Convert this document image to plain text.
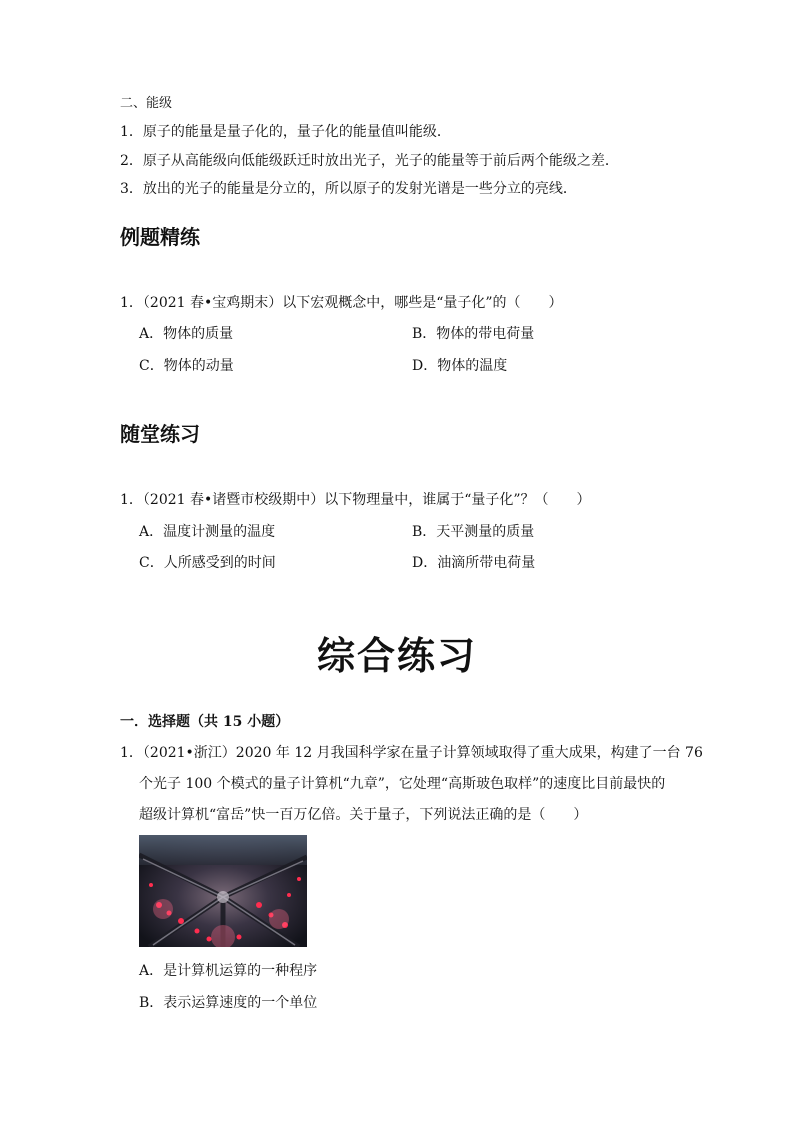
二、能级
1．原子的能量是量子化的，量子化的能量值叫能级．
2．原子从高能级向低能级跃迁时放出光子，光子的能量等于前后两个能级之差．
3．放出的光子的能量是分立的，所以原子的发射光谱是一些分立的亮线．
例题精练
1．（2021 春•宝鸡期末）以下宏观概念中，哪些是“量子化”的（　　）
A．物体的质量	B．物体的带电荷量
C．物体的动量	D．物体的温度
随堂练习
1．（2021 春•诸暨市校级期中）以下物理量中，谁属于“量子化”？（　　）
A．温度计测量的温度	B．天平测量的质量
C．人所感受到的时间	D．油滴所带电荷量
综合练习
一．选择题（共 15 小题）
1．（2021•浙江）2020 年 12 月我国科学家在量子计算领域取得了重大成果，构建了一台 76
个光子 100 个模式的量子计算机“九章”，它处理“高斯玻色取样”的速度比目前最快的
超级计算机“富岳”快一百万亿倍。关于量子，下列说法正确的是（　　）
A．是计算机运算的一种程序
B．表示运算速度的一个单位
